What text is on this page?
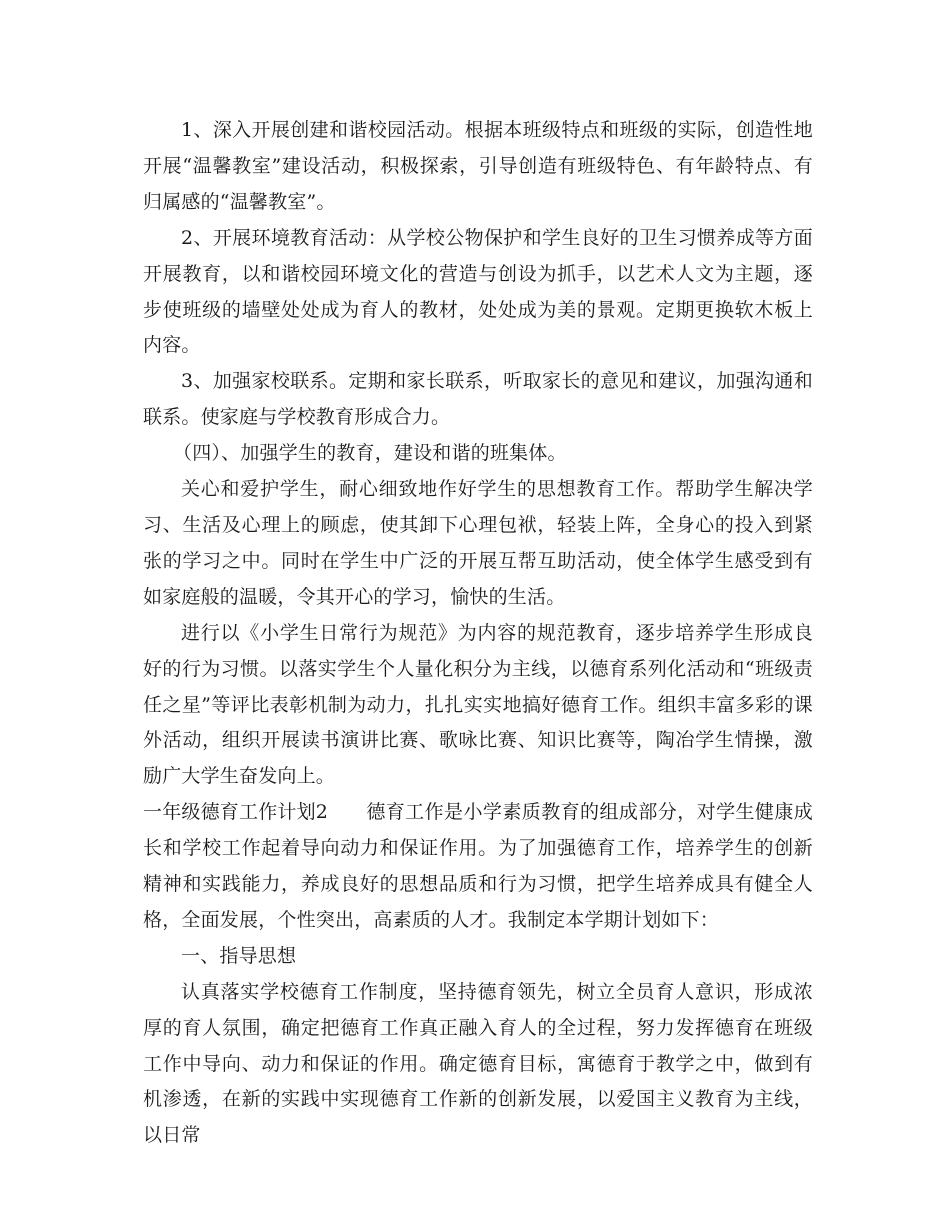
1、深入开展创建和谐校园活动。根据本班级特点和班级的实际，创造性地开展“温馨教室”建设活动，积极探索，引导创造有班级特色、有年龄特点、有归属感的“温馨教室”。

2、开展环境教育活动：从学校公物保护和学生良好的卫生习惯养成等方面开展教育，以和谐校园环境文化的营造与创设为抓手，以艺术人文为主题，逐步使班级的墙壁处处成为育人的教材，处处成为美的景观。定期更换软木板上内容。

3、加强家校联系。定期和家长联系，听取家长的意见和建议，加强沟通和联系。使家庭与学校教育形成合力。

（四）、加强学生的教育，建设和谐的班集体。

关心和爱护学生，耐心细致地作好学生的思想教育工作。帮助学生解决学习、生活及心理上的顾虑，使其卸下心理包袱，轻装上阵，全身心的投入到紧张的学习之中。同时在学生中广泛的开展互帮互助活动，使全体学生感受到有如家庭般的温暖，令其开心的学习，愉快的生活。

进行以《小学生日常行为规范》为内容的规范教育，逐步培养学生形成良好的行为习惯。以落实学生个人量化积分为主线，以德育系列化活动和“班级责任之星”等评比表彰机制为动力，扎扎实实地搞好德育工作。组织丰富多彩的课外活动，组织开展读书演讲比赛、歌咏比赛、知识比赛等，陶冶学生情操，激励广大学生奋发向上。

一年级德育工作计划2 德育工作是小学素质教育的组成部分，对学生健康成长和学校工作起着导向动力和保证作用。为了加强德育工作，培养学生的创新精神和实践能力，养成良好的思想品质和行为习惯，把学生培养成具有健全人格，全面发展，个性突出，高素质的人才。我制定本学期计划如下：

一、指导思想

认真落实学校德育工作制度，坚持德育领先，树立全员育人意识，形成浓厚的育人氛围，确定把德育工作真正融入育人的全过程，努力发挥德育在班级工作中导向、动力和保证的作用。确定德育目标，寓德育于教学之中，做到有机渗透，在新的实践中实现德育工作新的创新发展，以爱国主义教育为主线，以日常
